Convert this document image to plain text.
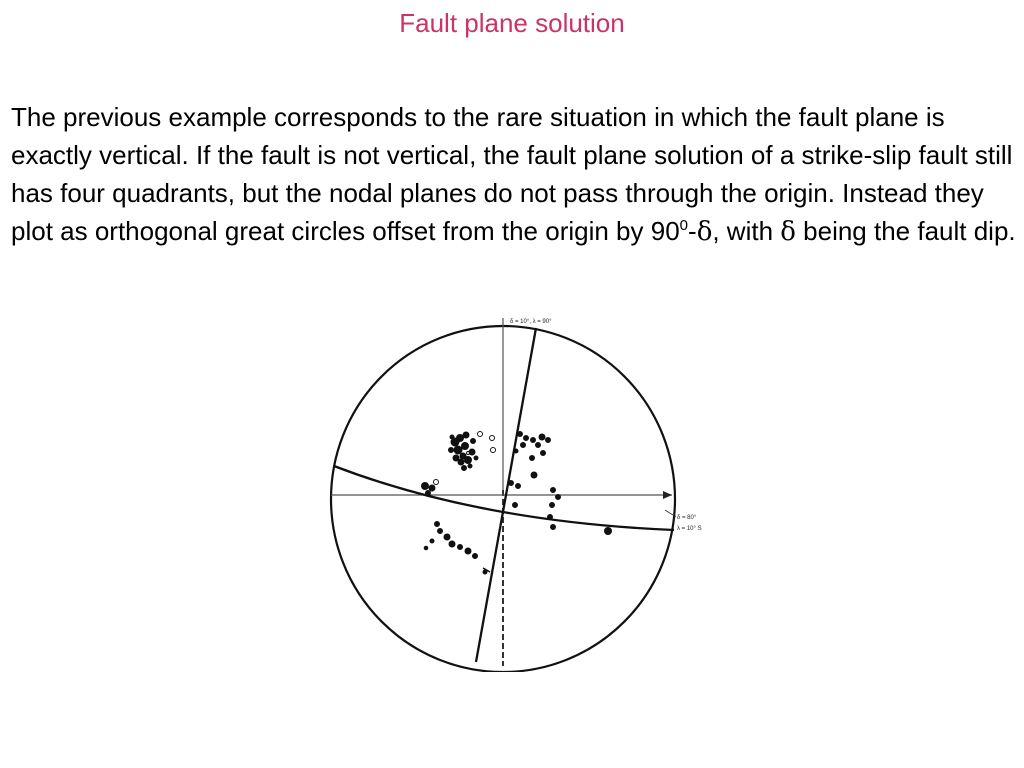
Fault plane solution
The previous example corresponds to the rare situation in which the fault plane is exactly vertical. If the fault is not vertical, the fault plane solution of a strike-slip fault still has four quadrants, but the nodal planes do not pass through the origin. Instead they plot as orthogonal great circles offset from the origin by $90^0-\delta$, with δ being the fault dip.
δ = 10°, λ = 90°
δ = 80°
λ = 10° S
